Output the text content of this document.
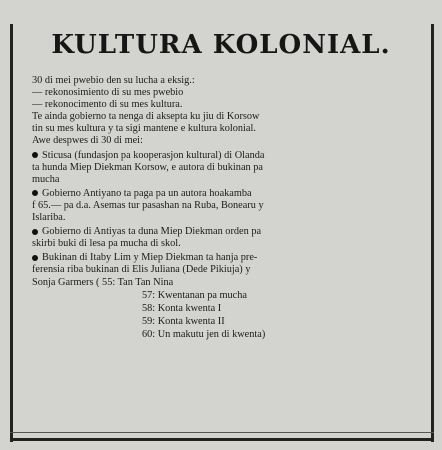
KULTURA KOLONIAL.
30 di mei pwebio den su lucha a eksig.:
— rekonosimiento di su mes pwebio
— rekonocimento di su mes kultura.
Te ainda gobierno ta nenga di aksepta ku jiu di Korsow
tin su mes kultura y ta sigi mantene e kultura kolonial.
Awe despwes di 30 di mei:
Sticusa (fundasjon pa kooperasjon kultural) di Olanda
ta hunda Miep Diekman Korsow, e autora di bukinan pa
mucha
Gobierno Antiyano ta paga pa un autora hoakamba
f 65.— pa d.a. Asemas tur pasashan na Ruba, Bonearu y
Islariba.
Gobierno di Antiyas ta duna Miep Diekman orden pa
skirbi buki di lesa pa mucha di skol.
Bukinan di Itaby Lim y Miep Diekman ta hanja pre-
ferensia riba bukinan di Elis Juliana (Dede Pikiuja) y
Sonja Garmers ( 55: Tan Tan Nina
57: Kwentanan pa mucha
58: Konta kwenta I
59: Konta kwenta II
60: Un makutu jen di kwenta)
